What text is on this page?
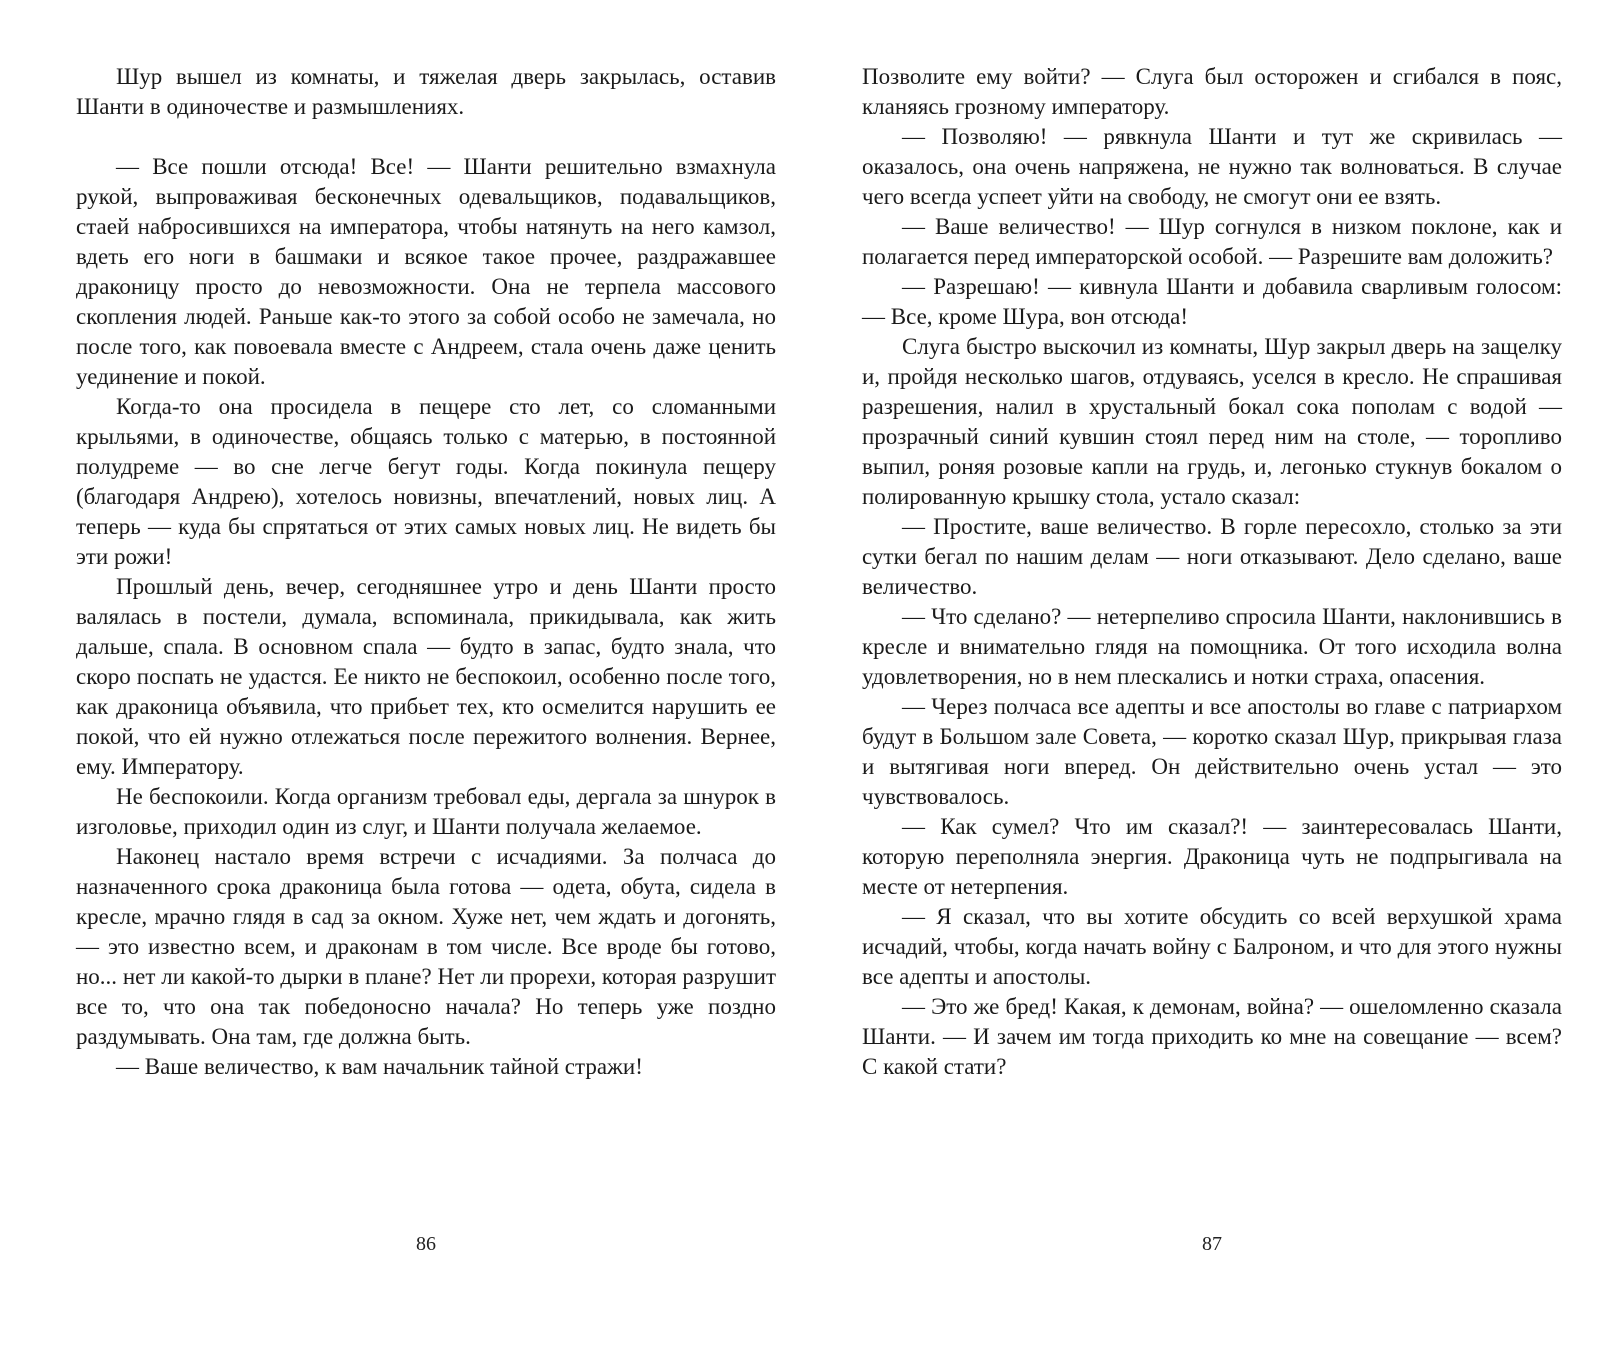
Шур вышел из комнаты, и тяжелая дверь закрылась, оставив Шанти в одиночестве и размышлениях.

— Все пошли отсюда! Все! — Шанти решительно взмахнула рукой, выпроваживая бесконечных одевальщиков, подавальщиков, стаей набросившихся на императора, чтобы натянуть на него камзол, вдеть его ноги в башмаки и всякое такое прочее, раздражавшее драконицу просто до невозможности. Она не терпела массового скопления людей. Раньше как-то этого за собой особо не замечала, но после того, как повоевала вместе с Андреем, стала очень даже ценить уединение и покой.

Когда-то она просидела в пещере сто лет, со сломанными крыльями, в одиночестве, общаясь только с матерью, в постоянной полудреме — во сне легче бегут годы. Когда покинула пещеру (благодаря Андрею), хотелось новизны, впечатлений, новых лиц. А теперь — куда бы спрятаться от этих самых новых лиц. Не видеть бы эти рожи!

Прошлый день, вечер, сегодняшнее утро и день Шанти просто валялась в постели, думала, вспоминала, прикидывала, как жить дальше, спала. В основном спала — будто в запас, будто знала, что скоро поспать не удастся. Ее никто не беспокоил, особенно после того, как драконица объявила, что прибьет тех, кто осмелится нарушить ее покой, что ей нужно отлежаться после пережитого волнения. Вернее, ему. Императору.

Не беспокоили. Когда организм требовал еды, дергала за шнурок в изголовье, приходил один из слуг, и Шанти получала желаемое.

Наконец настало время встречи с исчадиями. За полчаса до назначенного срока драконица была готова — одета, обута, сидела в кресле, мрачно глядя в сад за окном. Хуже нет, чем ждать и догонять, — это известно всем, и драконам в том числе. Все вроде бы готово, но... нет ли какой-то дырки в плане? Нет ли прорехи, которая разрушит все то, что она так победоносно начала? Но теперь уже поздно раздумывать. Она там, где должна быть.

— Ваше величество, к вам начальник тайной стражи!

86

Позволите ему войти? — Слуга был осторожен и сгибался в пояс, кланяясь грозному императору.

— Позволяю! — рявкнула Шанти и тут же скривилась — оказалось, она очень напряжена, не нужно так волноваться. В случае чего всегда успеет уйти на свободу, не смогут они ее взять.

— Ваше величество! — Шур согнулся в низком поклоне, как и полагается перед императорской особой. — Разрешите вам доложить?

— Разрешаю! — кивнула Шанти и добавила сварливым голосом: — Все, кроме Шура, вон отсюда!

Слуга быстро выскочил из комнаты, Шур закрыл дверь на защелку и, пройдя несколько шагов, отдуваясь, уселся в кресло. Не спрашивая разрешения, налил в хрустальный бокал сока пополам с водой — прозрачный синий кувшин стоял перед ним на столе, — торопливо выпил, роняя розовые капли на грудь, и, легонько стукнув бокалом о полированную крышку стола, устало сказал:

— Простите, ваше величество. В горле пересохло, столько за эти сутки бегал по нашим делам — ноги отказывают. Дело сделано, ваше величество.

— Что сделано? — нетерпеливо спросила Шанти, наклонившись в кресле и внимательно глядя на помощника. От того исходила волна удовлетворения, но в нем плескались и нотки страха, опасения.

— Через полчаса все адепты и все апостолы во главе с патриархом будут в Большом зале Совета, — коротко сказал Шур, прикрывая глаза и вытягивая ноги вперед. Он действительно очень устал — это чувствовалось.

— Как сумел? Что им сказал?! — заинтересовалась Шанти, которую переполняла энергия. Драконица чуть не подпрыгивала на месте от нетерпения.

— Я сказал, что вы хотите обсудить со всей верхушкой храма исчадий, чтобы, когда начать войну с Балроном, и что для этого нужны все адепты и апостолы.

— Это же бред! Какая, к демонам, война? — ошеломленно сказала Шанти. — И зачем им тогда приходить ко мне на совещание — всем? С какой стати?

87
